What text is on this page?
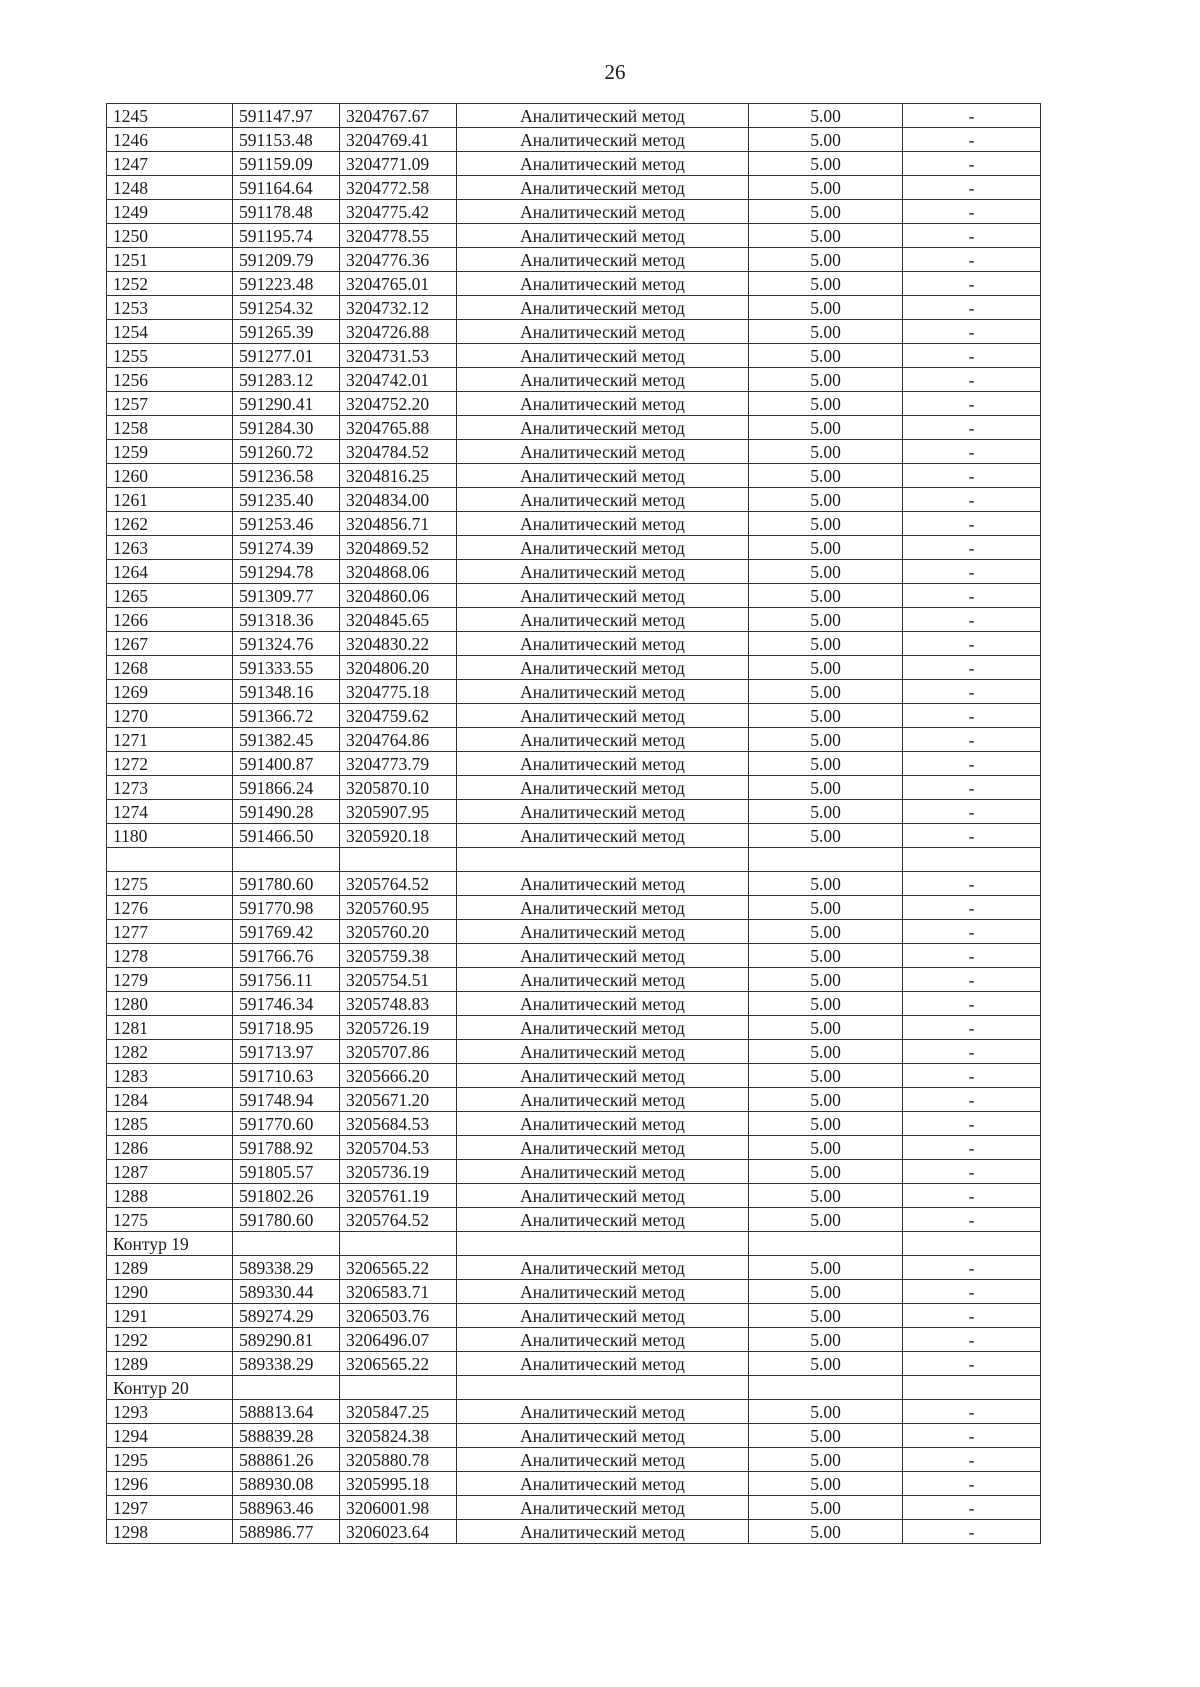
26
1245	591147.97	3204767.67	Аналитический метод	5.00	-
1246	591153.48	3204769.41	Аналитический метод	5.00	-
1247	591159.09	3204771.09	Аналитический метод	5.00	-
1248	591164.64	3204772.58	Аналитический метод	5.00	-
1249	591178.48	3204775.42	Аналитический метод	5.00	-
1250	591195.74	3204778.55	Аналитический метод	5.00	-
1251	591209.79	3204776.36	Аналитический метод	5.00	-
1252	591223.48	3204765.01	Аналитический метод	5.00	-
1253	591254.32	3204732.12	Аналитический метод	5.00	-
1254	591265.39	3204726.88	Аналитический метод	5.00	-
1255	591277.01	3204731.53	Аналитический метод	5.00	-
1256	591283.12	3204742.01	Аналитический метод	5.00	-
1257	591290.41	3204752.20	Аналитический метод	5.00	-
1258	591284.30	3204765.88	Аналитический метод	5.00	-
1259	591260.72	3204784.52	Аналитический метод	5.00	-
1260	591236.58	3204816.25	Аналитический метод	5.00	-
1261	591235.40	3204834.00	Аналитический метод	5.00	-
1262	591253.46	3204856.71	Аналитический метод	5.00	-
1263	591274.39	3204869.52	Аналитический метод	5.00	-
1264	591294.78	3204868.06	Аналитический метод	5.00	-
1265	591309.77	3204860.06	Аналитический метод	5.00	-
1266	591318.36	3204845.65	Аналитический метод	5.00	-
1267	591324.76	3204830.22	Аналитический метод	5.00	-
1268	591333.55	3204806.20	Аналитический метод	5.00	-
1269	591348.16	3204775.18	Аналитический метод	5.00	-
1270	591366.72	3204759.62	Аналитический метод	5.00	-
1271	591382.45	3204764.86	Аналитический метод	5.00	-
1272	591400.87	3204773.79	Аналитический метод	5.00	-
1273	591866.24	3205870.10	Аналитический метод	5.00	-
1274	591490.28	3205907.95	Аналитический метод	5.00	-
1180	591466.50	3205920.18	Аналитический метод	5.00	-

1275	591780.60	3205764.52	Аналитический метод	5.00	-
1276	591770.98	3205760.95	Аналитический метод	5.00	-
1277	591769.42	3205760.20	Аналитический метод	5.00	-
1278	591766.76	3205759.38	Аналитический метод	5.00	-
1279	591756.11	3205754.51	Аналитический метод	5.00	-
1280	591746.34	3205748.83	Аналитический метод	5.00	-
1281	591718.95	3205726.19	Аналитический метод	5.00	-
1282	591713.97	3205707.86	Аналитический метод	5.00	-
1283	591710.63	3205666.20	Аналитический метод	5.00	-
1284	591748.94	3205671.20	Аналитический метод	5.00	-
1285	591770.60	3205684.53	Аналитический метод	5.00	-
1286	591788.92	3205704.53	Аналитический метод	5.00	-
1287	591805.57	3205736.19	Аналитический метод	5.00	-
1288	591802.26	3205761.19	Аналитический метод	5.00	-
1275	591780.60	3205764.52	Аналитический метод	5.00	-
Контур 19					
1289	589338.29	3206565.22	Аналитический метод	5.00	-
1290	589330.44	3206583.71	Аналитический метод	5.00	-
1291	589274.29	3206503.76	Аналитический метод	5.00	-
1292	589290.81	3206496.07	Аналитический метод	5.00	-
1289	589338.29	3206565.22	Аналитический метод	5.00	-
Контур 20					
1293	588813.64	3205847.25	Аналитический метод	5.00	-
1294	588839.28	3205824.38	Аналитический метод	5.00	-
1295	588861.26	3205880.78	Аналитический метод	5.00	-
1296	588930.08	3205995.18	Аналитический метод	5.00	-
1297	588963.46	3206001.98	Аналитический метод	5.00	-
1298	588986.77	3206023.64	Аналитический метод	5.00	-
